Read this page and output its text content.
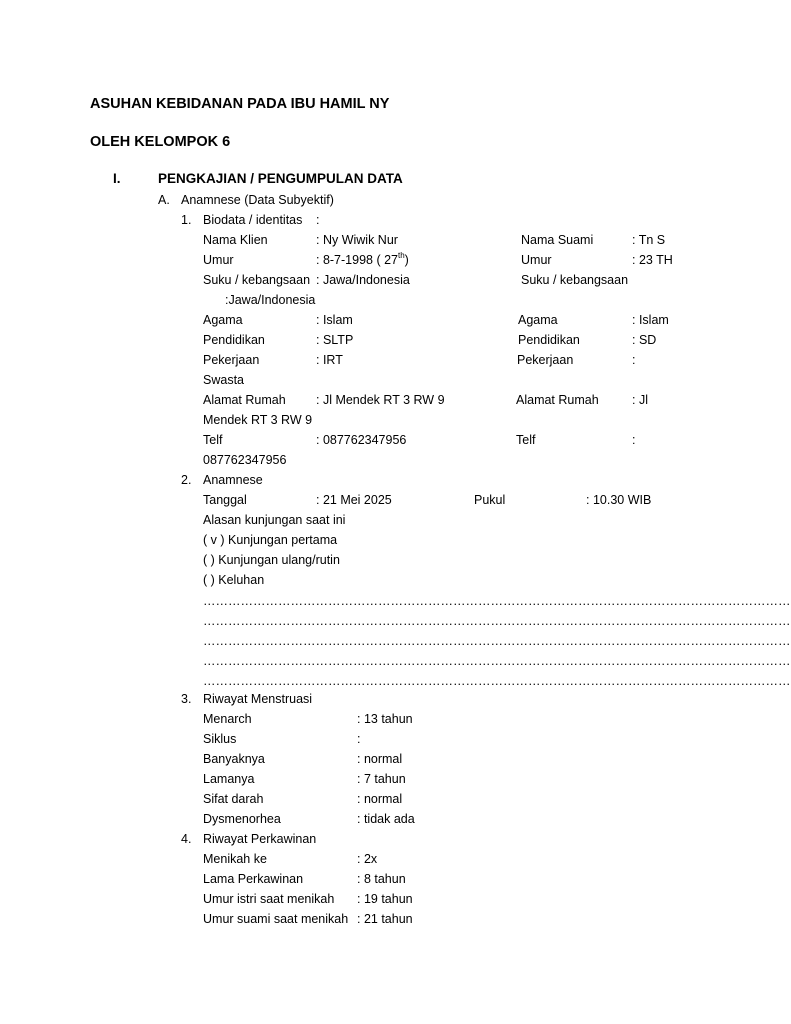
ASUHAN KEBIDANAN PADA IBU HAMIL NY
OLEH KELOMPOK 6
I.	PENGKAJIAN / PENGUMPULAN DATA
A. Anamnese (Data Subyektif)
1. Biodata / identitas :
Nama Klien	: Ny Wiwik Nur	Nama Suami	: Tn S
Umur	: 8-7-1998 ( 27th)	Umur	: 23 TH
Suku / kebangsaan : Jawa/Indonesia	Suku / kebangsaan
:Jawa/Indonesia
Agama	: Islam	Agama	: Islam
Pendidikan	: SLTP	Pendidikan	: SD
Pekerjaan	: IRT	Pekerjaan	:
Swasta
Alamat Rumah : Jl Mendek RT 3 RW 9	Alamat Rumah	: Jl
Mendek RT 3 RW 9
Telf	: 087762347956	Telf	:
087762347956
2. Anamnese
Tanggal	: 21 Mei 2025	Pukul	: 10.30 WIB
Alasan kunjungan saat ini
( v ) Kunjungan pertama
( ) Kunjungan ulang/rutin
( ) Keluhan
……………………………………………………………………………………………………………………………
……………………………………………………………………………………………………………………………
……………………………………………………………………………………………………………………………
……………………………………………………………………………………………………………………………
……………………………………………………………………………………………………………………………
3. Riwayat Menstruasi
Menarch	: 13 tahun
Siklus	:
Banyaknya	: normal
Lamanya	: 7 tahun
Sifat darah	: normal
Dysmenorhea	: tidak ada
4. Riwayat Perkawinan
Menikah ke	: 2x
Lama Perkawinan	: 8 tahun
Umur istri saat menikah : 19 tahun
Umur suami saat menikah : 21 tahun
